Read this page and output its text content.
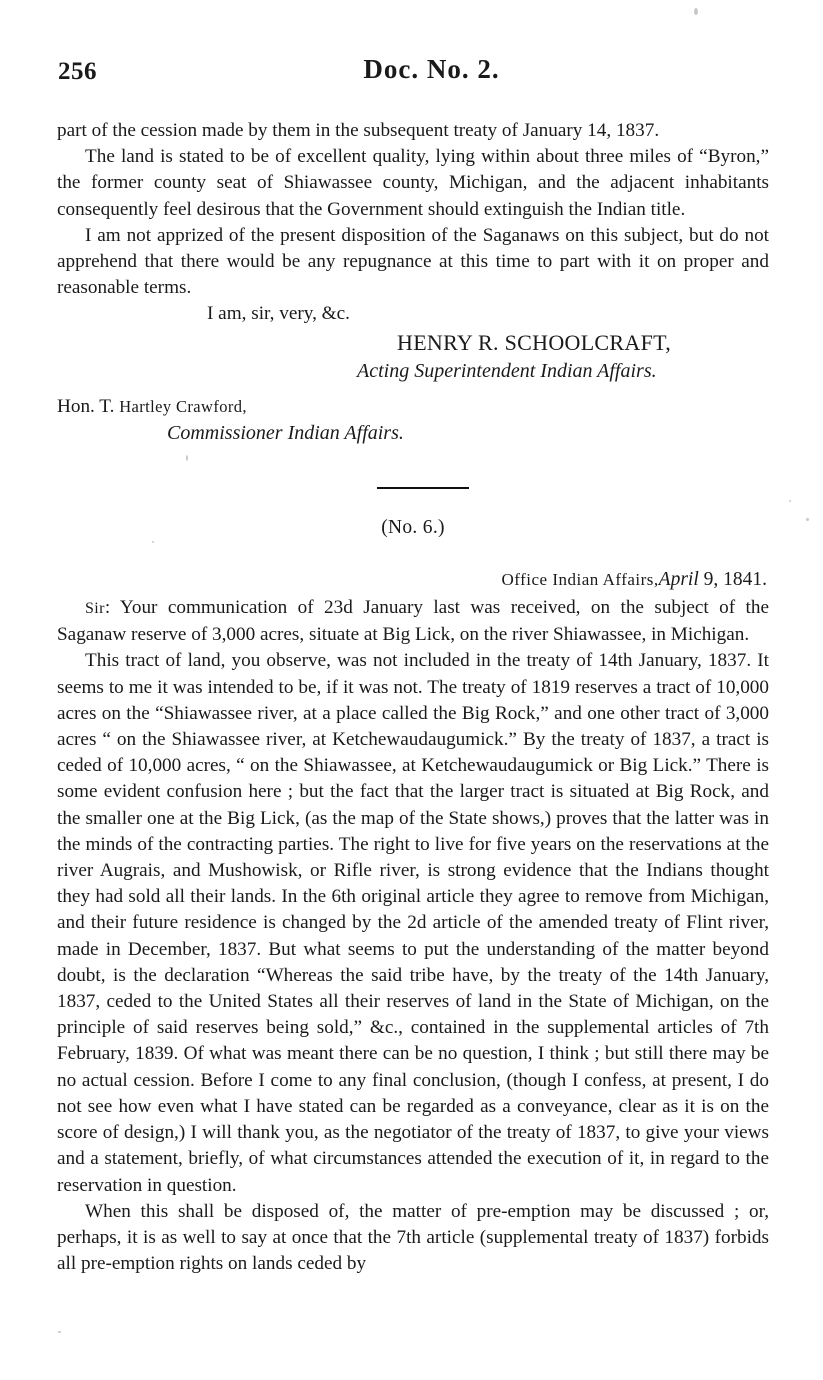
256	Doc. No. 2.

part of the cession made by them in the subsequent treaty of January 14, 1837.

The land is stated to be of excellent quality, lying within about three miles of “Byron,” the former county seat of Shiawassee county, Michigan, and the adjacent inhabitants consequently feel desirous that the Government should extinguish the Indian title.

I am not apprized of the present disposition of the Saganaws on this subject, but do not apprehend that there would be any repugnance at this time to part with it on proper and reasonable terms.

I am, sir, very, &c.

HENRY R. SCHOOLCRAFT,

Acting Superintendent Indian Affairs.

Hon. T. Hartley Crawford,

Commissioner Indian Affairs.

(No. 6.)

Office Indian Affairs,April 9, 1841.

Sir: Your communication of 23d January last was received, on the subject of the Saganaw reserve of 3,000 acres, situate at Big Lick, on the river Shiawassee, in Michigan.

This tract of land, you observe, was not included in the treaty of 14th January, 1837. It seems to me it was intended to be, if it was not. The treaty of 1819 reserves a tract of 10,000 acres on the “Shiawassee river, at a place called the Big Rock,” and one other tract of 3,000 acres “ on the Shiawassee river, at Ketchewaudaugumick.” By the treaty of 1837, a tract is ceded of 10,000 acres, “ on the Shiawassee, at Ketchewaudaugumick or Big Lick.” There is some evident confusion here ; but the fact that the larger tract is situated at Big Rock, and the smaller one at the Big Lick, (as the map of the State shows,) proves that the latter was in the minds of the contracting parties. The right to live for five years on the reservations at the river Augrais, and Mushowisk, or Rifle river, is strong evidence that the Indians thought they had sold all their lands. In the 6th original article they agree to remove from Michigan, and their future residence is changed by the 2d article of the amended treaty of Flint river, made in December, 1837. But what seems to put the understanding of the matter beyond doubt, is the declaration “Whereas the said tribe have, by the treaty of the 14th January, 1837, ceded to the United States all their reserves of land in the State of Michigan, on the principle of said reserves being sold,” &c., contained in the supplemental articles of 7th February, 1839. Of what was meant there can be no question, I think ; but still there may be no actual cession. Before I come to any final conclusion, (though I confess, at present, I do not see how even what I have stated can be regarded as a conveyance, clear as it is on the score of design,) I will thank you, as the negotiator of the treaty of 1837, to give your views and a statement, briefly, of what circumstances attended the execution of it, in regard to the reservation in question.

When this shall be disposed of, the matter of pre-emption may be discussed ; or, perhaps, it is as well to say at once that the 7th article (supplemental treaty of 1837) forbids all pre-emption rights on lands ceded by
